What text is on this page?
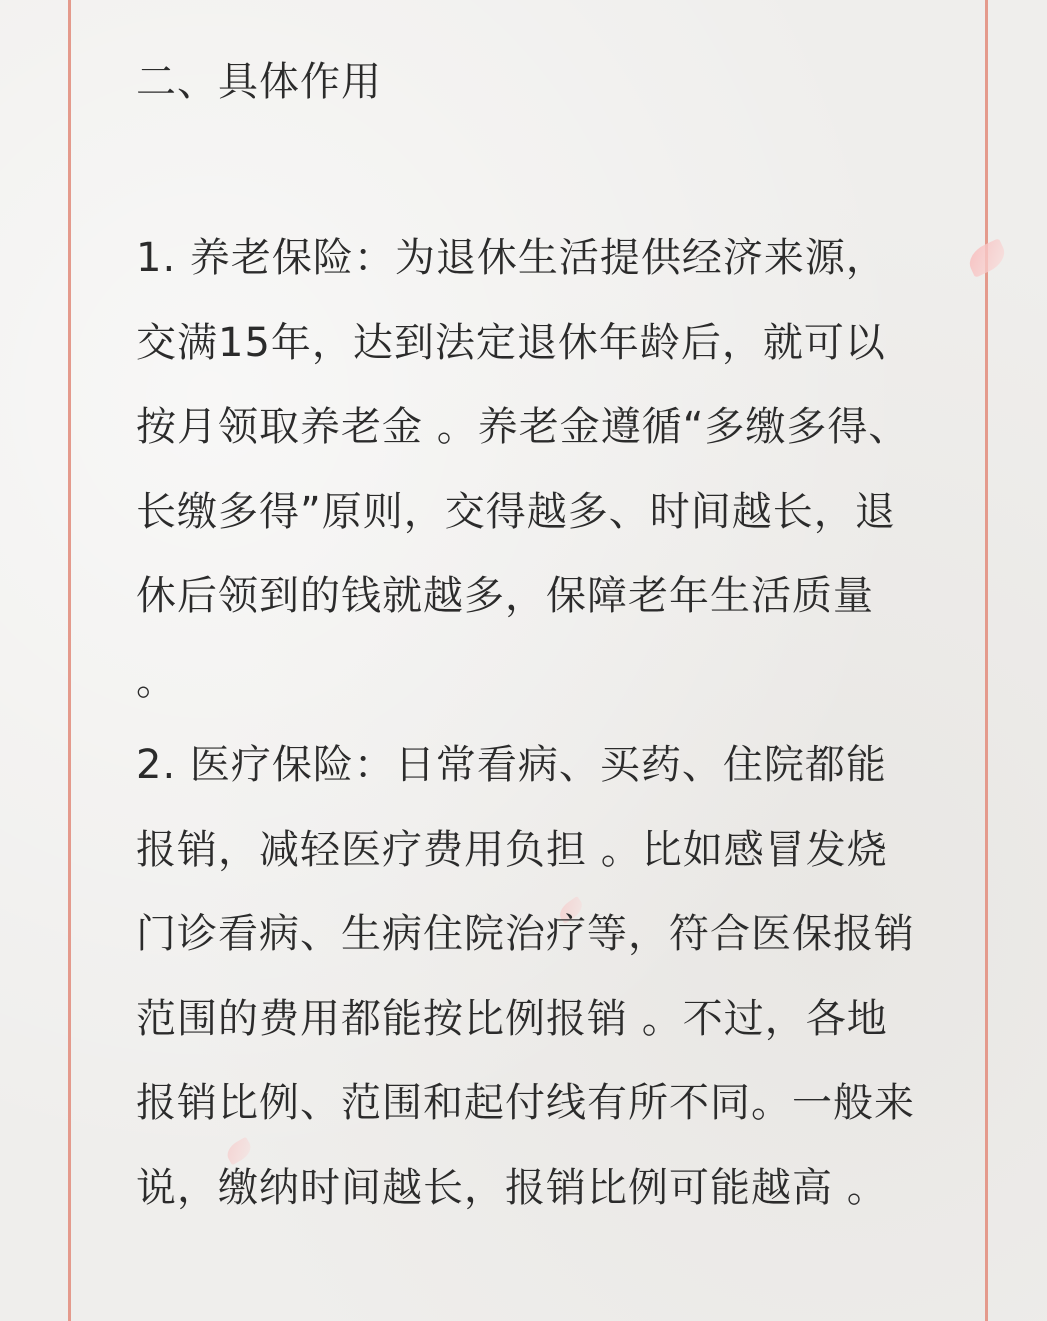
二、具体作用

1. 养老保险：为退休生活提供经济来源，交满15年，达到法定退休年龄后，就可以按月领取养老金 。养老金遵循“多缴多得、长缴多得”原则，交得越多、时间越长，退休后领到的钱就越多，保障老年生活质量 。

2. 医疗保险：日常看病、买药、住院都能报销，减轻医疗费用负担 。比如感冒发烧门诊看病、生病住院治疗等，符合医保报销范围的费用都能按比例报销 。不过，各地报销比例、范围和起付线有所不同。一般来说，缴纳时间越长，报销比例可能越高 。
